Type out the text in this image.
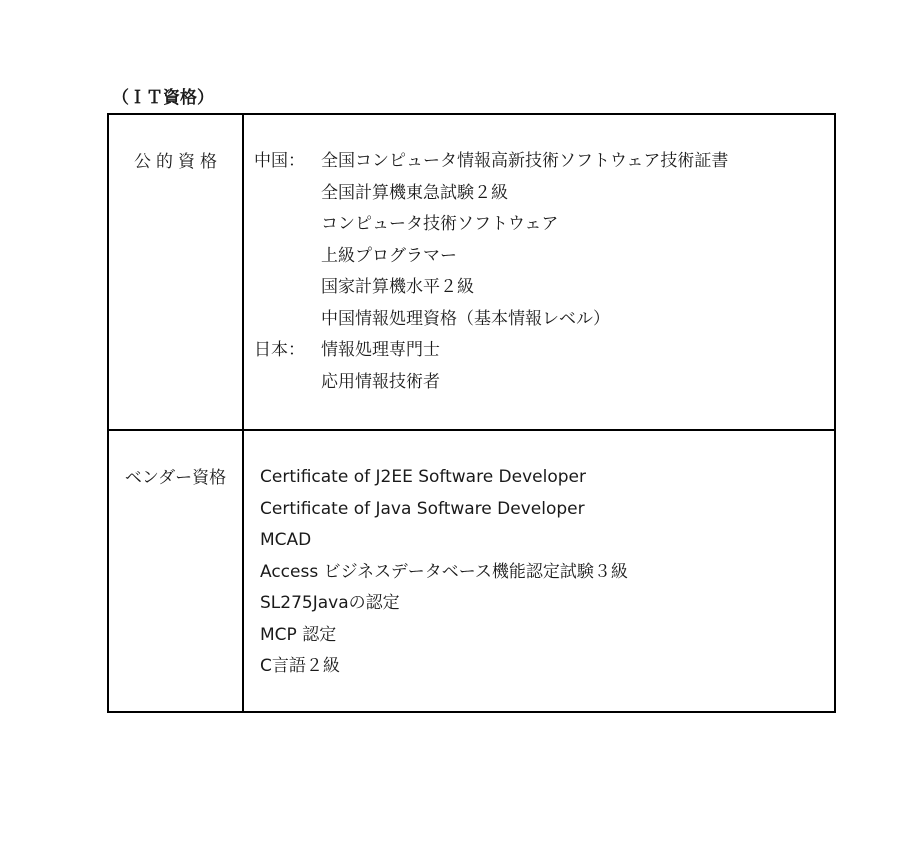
（ＩＴ資格）
公的資格	中国： 全国コンピュータ情報高新技術ソフトウェア技術証書
全国計算機東急試験２級
コンピュータ技術ソフトウェア
上級プログラマー
国家計算機水平２級
中国情報処理資格（基本情報レベル）
日本： 情報処理専門士
応用情報技術者
ベンダー資格	Certificate of J2EE Software Developer
Certificate of Java Software Developer
MCAD
Access ビジネスデータベース機能認定試験３級
SL275Javaの認定
MCP 認定
C言語２級
